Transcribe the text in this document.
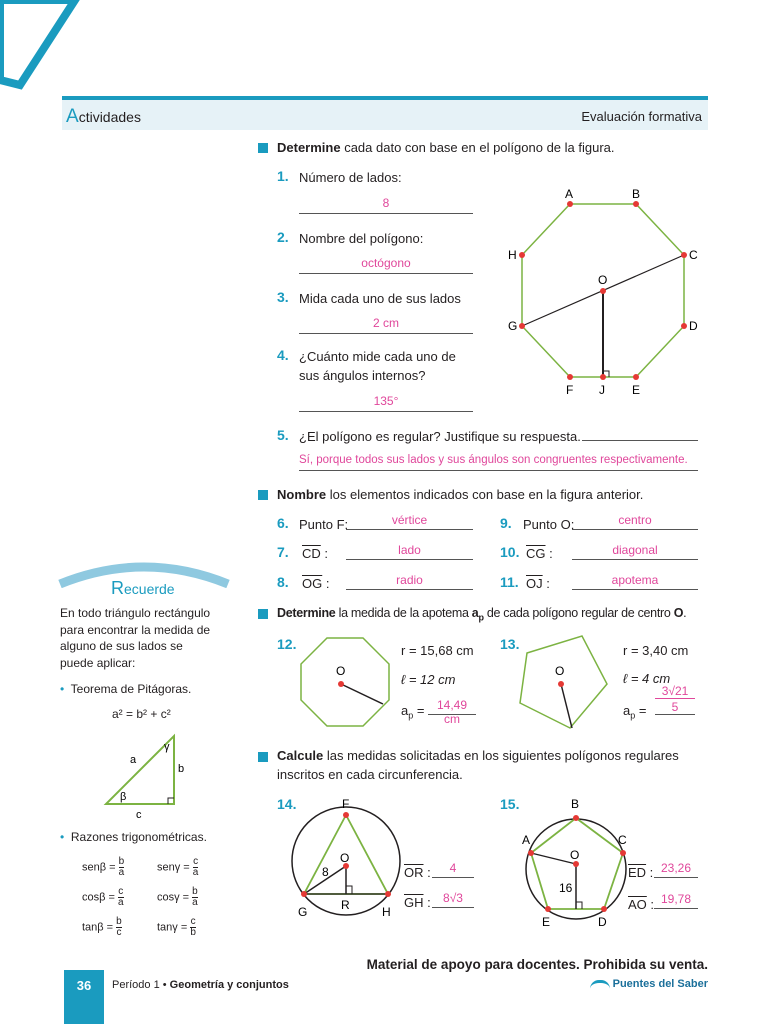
Actividades	Evaluación formativa
Determine cada dato con base en el polígono de la figura.
1. Número de lados:
8
2. Nombre del polígono:
octógono
3. Mida cada uno de sus lados
2 cm
4. ¿Cuánto mide cada uno de
sus ángulos internos?
135°
5. ¿El polígono es regular? Justifique su respuesta.
Sí, porque todos sus lados y sus ángulos son congruentes respectivamente.
A	B
C
D
E
F
G
H
O
J
Nombre los elementos indicados con base en la figura anterior.
6. Punto F:	vértice
7. $\overline{CD}$ :	lado
8. $\overline{OG}$ :	radio
9. Punto O:	centro
10. $\overline{CG}$ :	diagonal
11. $\overline{OJ}$ :	apotema
Determine la medida de la apotema $a_p$ de cada polígono regular de centro O.
12.
O
r = 15,68 cm
ℓ = 12 cm
$a_p$ =	14,49 cm
13.
O
r = 3,40 cm
ℓ = 4 cm
$a_p$ =
3√21
5
Calcule las medidas solicitadas en los siguientes polígonos regulares
inscritos en cada circunferencia.
14.	F
O
8
G	R	H
$\overline{OR}$ :	4
$\overline{GH}$ :	8√3
15.	B
A	C
O
16
E	D
$\overline{ED}$ : 23,26
$\overline{AO}$ : 19,78
Recuerde
En todo triángulo rectángulo
para encontrar la medida de
alguno de sus lados se
puede aplicar:
• Teorema de Pitágoras.
a² = b² + c²
γ
a
b
β
c
• Razones trigonométricas.
$sen\beta = \frac{b}{a}$	$sen\gamma = \frac{c}{a}$
$\cos\beta = \frac{c}{a}$	$\cos\gamma = \frac{b}{a}$
$\tan\beta = \frac{b}{c}$	$\tan\gamma = \frac{c}{b}$
Material de apoyo para docentes. Prohibida su venta.
36	Período 1 • Geometría y conjuntos	Puentes del Saber
